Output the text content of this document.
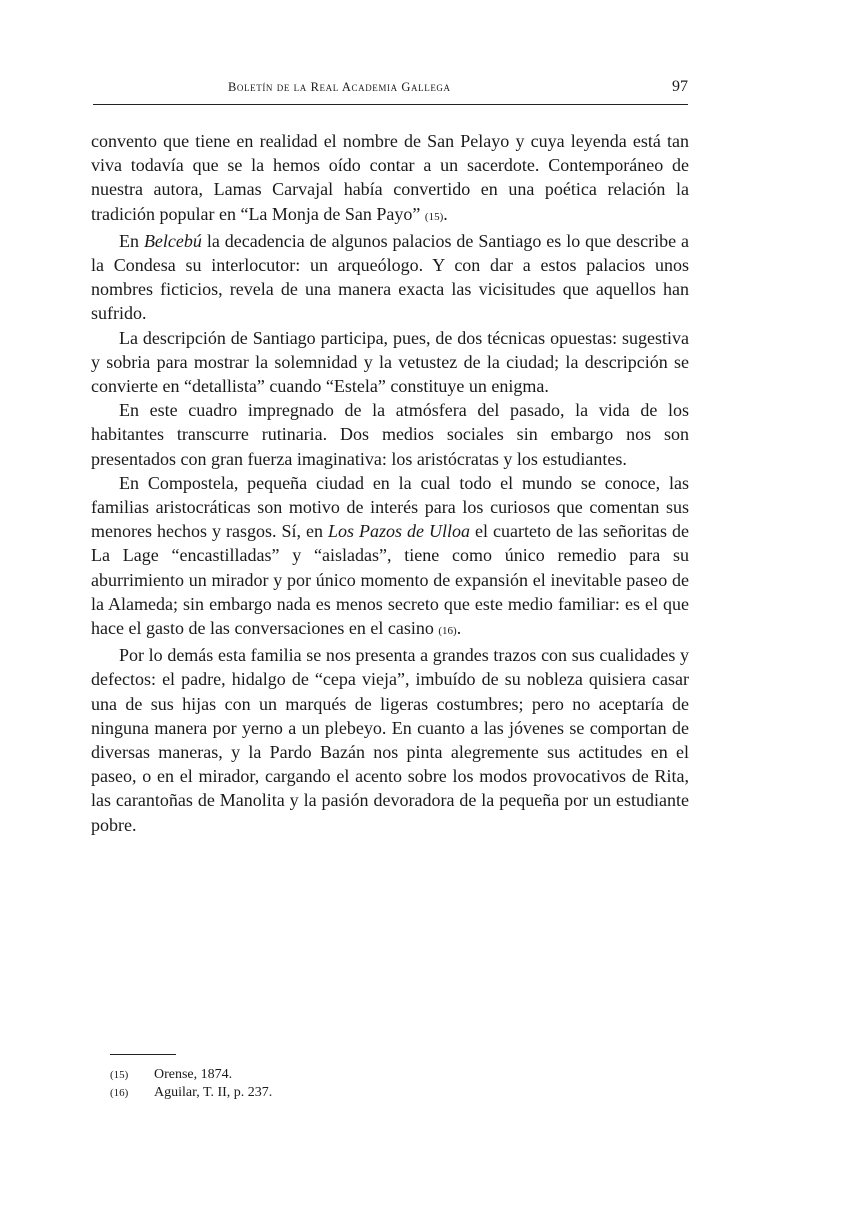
Boletín de la Real Academia Gallega	97

convento que tiene en realidad el nombre de San Pelayo y cuya leyenda está tan viva todavía que se la hemos oído contar a un sacerdote. Contemporáneo de nuestra autora, Lamas Carvajal había convertido en una poética relación la tradición popular en “La Monja de San Payo” (15).

En Belcebú la decadencia de algunos palacios de Santiago es lo que describe a la Condesa su interlocutor: un arqueólogo. Y con dar a estos palacios unos nombres ficticios, revela de una manera exacta las vicisitudes que aquellos han sufrido.

La descripción de Santiago participa, pues, de dos técnicas opuestas: sugestiva y sobria para mostrar la solemnidad y la vetustez de la ciudad; la descripción se convierte en “detallista” cuando “Estela” constituye un enigma.

En este cuadro impregnado de la atmósfera del pasado, la vida de los habitantes transcurre rutinaria. Dos medios sociales sin embargo nos son presentados con gran fuerza imaginativa: los aristócratas y los estudiantes.

En Compostela, pequeña ciudad en la cual todo el mundo se conoce, las familias aristocráticas son motivo de interés para los curiosos que comentan sus menores hechos y rasgos. Sí, en Los Pazos de Ulloa el cuarteto de las señoritas de La Lage “encastilladas” y “aisladas”, tiene como único remedio para su aburrimiento un mirador y por único momento de expansión el inevitable paseo de la Alameda; sin embargo nada es menos secreto que este medio familiar: es el que hace el gasto de las conversaciones en el casino (16).

Por lo demás esta familia se nos presenta a grandes trazos con sus cualidades y defectos: el padre, hidalgo de “cepa vieja”, imbuído de su nobleza quisiera casar una de sus hijas con un marqués de ligeras costumbres; pero no aceptaría de ninguna manera por yerno a un plebeyo. En cuanto a las jóvenes se comportan de diversas maneras, y la Pardo Bazán nos pinta alegremente sus actitudes en el paseo, o en el mirador, cargando el acento sobre los modos provocativos de Rita, las carantoñas de Manolita y la pasión devoradora de la pequeña por un estudiante pobre.

(15) Orense, 1874.
(16) Aguilar, T. II, p. 237.
